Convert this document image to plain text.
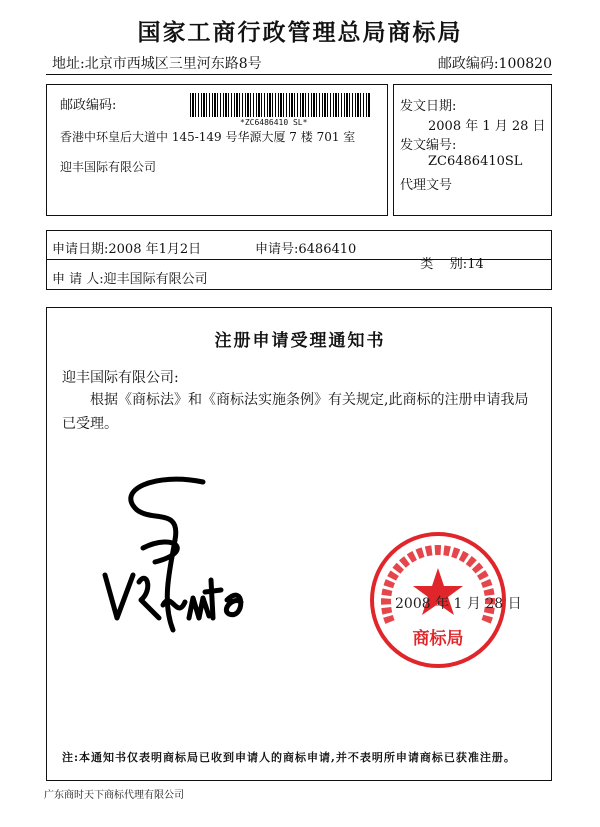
国家工商行政管理总局商标局
地址:北京市西城区三里河东路8号	邮政编码:100820
邮政编码:
*ZC6486410 SL*
香港中环皇后大道中 145-149 号华源大厦 7 楼 701 室
迎丰国际有限公司
发文日期:
2008 年 1 月 28 日
发文编号:
ZC6486410SL
代理文号
申请日期:2008 年1月2日	申请号:6486410

类    别:14

申 请 人:迎丰国际有限公司
注册申请受理通知书
迎丰国际有限公司:
根据《商标法》和《商标法实施条例》有关规定,此商标的注册申请我局
已受理。
商标局
2008 年 1 月 28 日
注:本通知书仅表明商标局已收到申请人的商标申请,并不表明所申请商标已获准注册。
广东商时天下商标代理有限公司
